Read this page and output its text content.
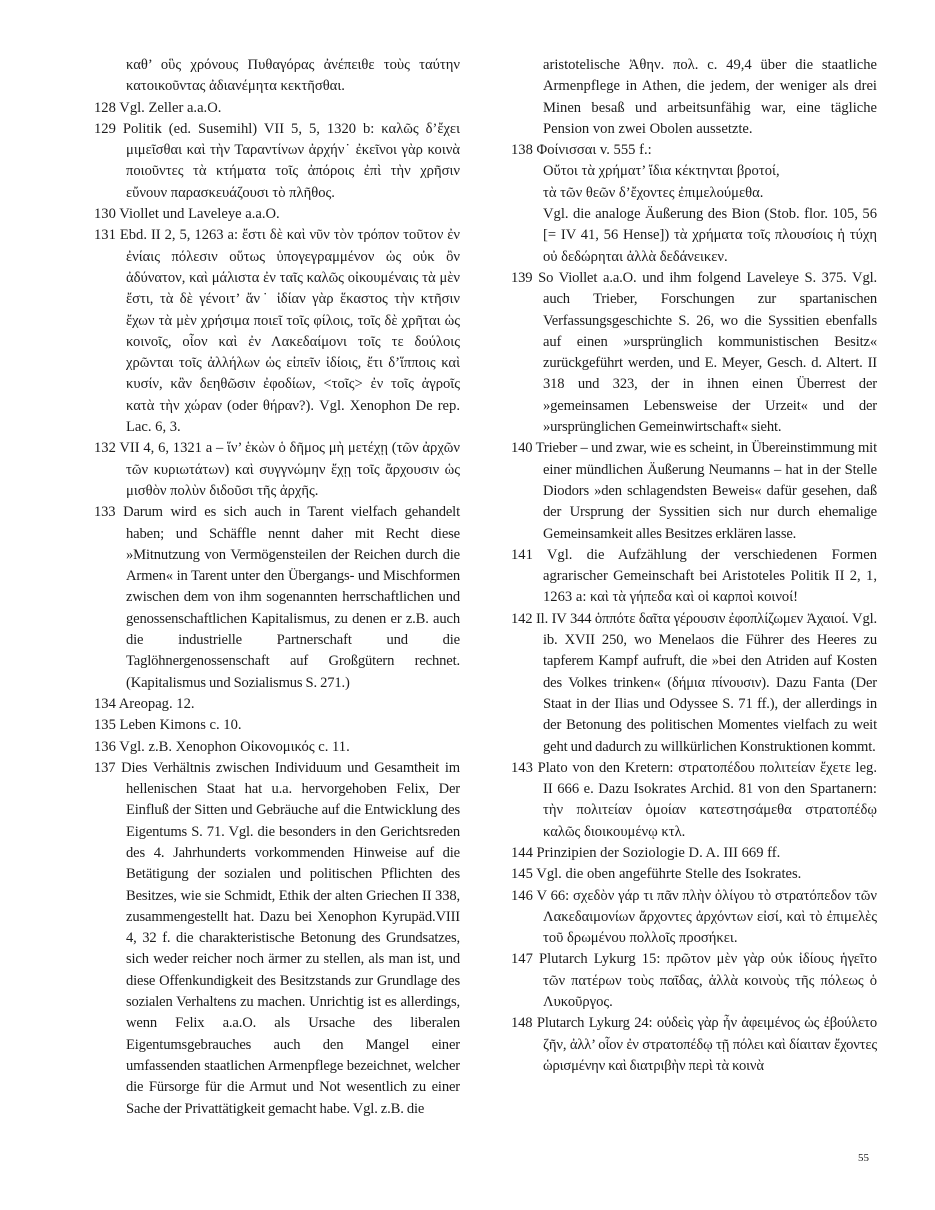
καθ’ οὓς χρόνους Πυθαγόρας ἀνέπειθε τοὺς ταύτην κατοικοῦντας ἀδιανέμητα κεκτῆσθαι.

128 Vgl. Zeller a.a.O.

129 Politik (ed. Susemihl) VII 5, 5, 1320 b: καλῶς δ’ἔχει μιμεῖσθαι καὶ τὴν Ταραντίνων ἀρχήν˙ ἐκεῖνοι γὰρ κοινὰ ποιοῦντες τὰ κτήματα τοῖς ἀπόροις ἐπὶ τὴν χρῆσιν εὔνουν παρασκευάζουσι τὸ πλῆθος.

130 Viollet und Laveleye a.a.O.

131 Ebd. II 2, 5, 1263 a: ἔστι δὲ καὶ νῦν τὸν τρόπον τοῦτον ἐν ἐνίαις πόλεσιν οὕτως ὑπογεγραμμένον ὡς οὐκ ὂν ἀδύνατον, καὶ μάλιστα ἐν ταῖς καλῶς οἰκουμέναις τὰ μὲν ἔστι, τὰ δὲ γένοιτ’ ἄν˙ ἰδίαν γὰρ ἕκαστος τὴν κτῆσιν ἔχων τὰ μὲν χρήσιμα ποιεῖ τοῖς φίλοις, τοῖς δὲ χρῆται ὡς κοινοῖς, οἷον καὶ ἐν Λακεδαίμονι τοῖς τε δούλοις χρῶνται τοῖς ἀλλήλων ὡς εἰπεῖν ἰδίοις, ἔτι δ’ἵπποις καὶ κυσίν, κἂν δεηθῶσιν ἐφοδίων, <τοῖς> ἐν τοῖς ἀγροῖς κατὰ τὴν χώραν (oder θήραν?). Vgl. Xenophon De rep. Lac. 6, 3.

132 VII 4, 6, 1321 a – ἵν’ ἑκὼν ὁ δῆμος μὴ μετέχῃ (τῶν ἀρχῶν τῶν κυριωτάτων) καὶ συγγνώμην ἔχῃ τοῖς ἄρχουσιν ὡς μισθὸν πολὺν διδοῦσι τῆς ἀρχῆς.

133 Darum wird es sich auch in Tarent vielfach gehandelt haben; und Schäffle nennt daher mit Recht diese »Mitnutzung von Vermögensteilen der Reichen durch die Armen« in Tarent unter den Übergangs- und Mischformen zwischen dem von ihm sogenannten herrschaftlichen und genossenschaftlichen Kapitalismus, zu denen er z.B. auch die industrielle Partnerschaft und die Taglöhnergenossenschaft auf Großgütern rechnet. (Kapitalismus und Sozialismus S. 271.)

134 Areopag. 12.

135 Leben Kimons c. 10.

136 Vgl. z.B. Xenophon Οἰκονομικός c. 11.

137 Dies Verhältnis zwischen Individuum und Gesamtheit im hellenischen Staat hat u.a. hervorgehoben Felix, Der Einfluß der Sitten und Gebräuche auf die Entwicklung des Eigentums S. 71. Vgl. die besonders in den Gerichtsreden des 4. Jahrhunderts vorkommenden Hinweise auf die Betätigung der sozialen und politischen Pflichten des Besitzes, wie sie Schmidt, Ethik der alten Griechen II 338, zusammengestellt hat. Dazu bei Xenophon Kyrupäd.VIII 4, 32 f. die charakteristische Betonung des Grundsatzes, sich weder reicher noch ärmer zu stellen, als man ist, und diese Offenkundigkeit des Besitzstands zur Grundlage des sozialen Verhaltens zu machen. Unrichtig ist es allerdings, wenn Felix a.a.O. als Ursache des liberalen Eigentumsgebrauches auch den Mangel einer umfassenden staatlichen Armenpflege bezeichnet, welcher die Fürsorge für die Armut und Not wesentlich zu einer Sache der Privattätigkeit gemacht habe. Vgl. z.B. die

aristotelische Ἀθην. πολ. c. 49,4 über die staatliche Armenpflege in Athen, die jedem, der weniger als drei Minen besaß und arbeitsunfähig war, eine tägliche Pension von zwei Obolen aussetzte.

138 Φοίνισσαι v. 555 f.:

Οὔτοι τὰ χρήματ’ ἴδια κέκτηνται βροτοί,

τὰ τῶν θεῶν δ’ἔχοντες ἐπιμελούμεθα.

Vgl. die analoge Äußerung des Bion (Stob. flor. 105, 56 [= IV 41, 56 Hense]) τὰ χρήματα τοῖς πλουσίοις ἡ τύχη οὐ δεδώρηται ἀλλὰ δεδάνεικεν.

139 So Viollet a.a.O. und ihm folgend Laveleye S. 375. Vgl. auch Trieber, Forschungen zur spartanischen Verfassungsgeschichte S. 26, wo die Syssitien ebenfalls auf einen »ursprünglich kommunistischen Besitz« zurückgeführt werden, und E. Meyer, Gesch. d. Altert. II 318 und 323, der in ihnen einen Überrest der »gemeinsamen Lebensweise der Urzeit« und der »ursprünglichen Gemeinwirtschaft« sieht.

140 Trieber – und zwar, wie es scheint, in Übereinstimmung mit einer mündlichen Äußerung Neumanns – hat in der Stelle Diodors »den schlagendsten Beweis« dafür gesehen, daß der Ursprung der Syssitien sich nur durch ehemalige Gemeinsamkeit alles Besitzes erklären lasse.

141 Vgl. die Aufzählung der verschiedenen Formen agrarischer Gemeinschaft bei Aristoteles Politik II 2, 1, 1263 a: καὶ τὰ γήπεδα καὶ οἱ καρποὶ κοινοί!

142 Il. IV 344 ὁππότε δαῖτα γέρουσιν ἐφοπλίζωμεν Ἀχαιοί. Vgl. ib. XVII 250, wo Menelaos die Führer des Heeres zu tapferem Kampf aufruft, die »bei den Atriden auf Kosten des Volkes trinken« (δήμια πίνουσιν). Dazu Fanta (Der Staat in der Ilias und Odyssee S. 71 ff.), der allerdings in der Betonung des politischen Momentes vielfach zu weit geht und dadurch zu willkürlichen Konstruktionen kommt.

143 Plato von den Kretern: στρατοπέδου πολιτείαν ἔχετε leg. II 666 e. Dazu Isokrates Archid. 81 von den Spartanern: τὴν πολιτείαν ὁμοίαν κατεστησάμεθα στρατοπέδῳ καλῶς διοικουμένῳ κτλ.

144 Prinzipien der Soziologie D. A. III 669 ff.

145 Vgl. die oben angeführte Stelle des Isokrates.

146 V 66: σχεδὸν γάρ τι πᾶν πλὴν ὀλίγου τὸ στρατόπεδον τῶν Λακεδαιμονίων ἄρχοντες ἀρχόντων εἰσί, καὶ τὸ ἐπιμελὲς τοῦ δρωμένου πολλοῖς προσήκει.

147 Plutarch Lykurg 15: πρῶτον μὲν γὰρ οὐκ ἰδίους ἡγεῖτο τῶν πατέρων τοὺς παῖδας, ἀλλὰ κοινοὺς τῆς πόλεως ὁ Λυκοῦργος.

148 Plutarch Lykurg 24: οὐδεὶς γὰρ ἦν ἀφειμένος ὡς ἐβούλετο ζῆν, ἀλλ’ οἷον ἐν στρατοπέδῳ τῇ πόλει καὶ δίαιταν ἔχοντες ὡρισμένην καὶ διατριβὴν περὶ τὰ κοινὰ

55
